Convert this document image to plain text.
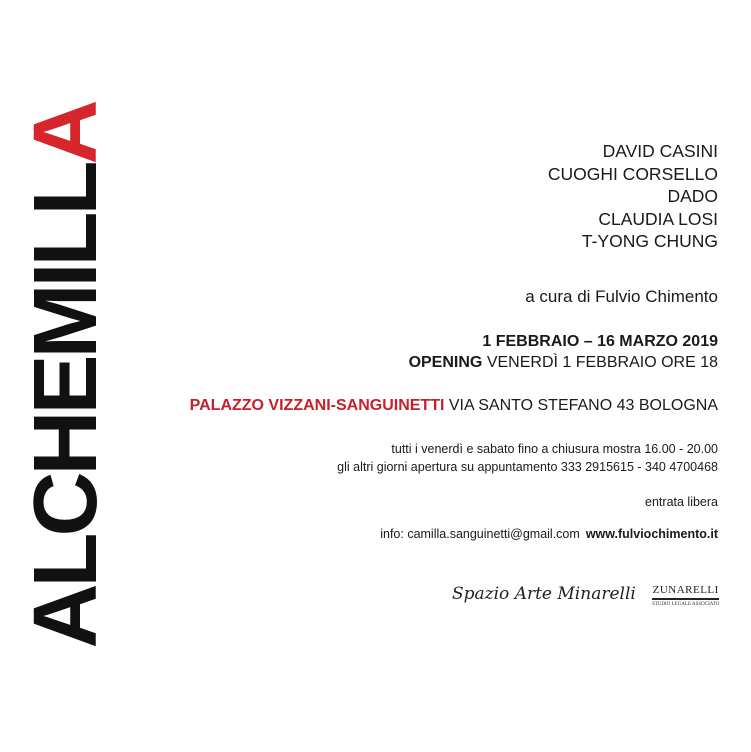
ALCHEMILLA	DAVID CASINI
CUOGHI CORSELLO
DADO
CLAUDIA LOSI
T-YONG CHUNG
a cura di Fulvio Chimento
1 FEBBRAIO – 16 MARZO 2019
OPENING VENERDÌ 1 FEBBRAIO ORE 18
PALAZZO VIZZANI-SANGUINETTI VIA SANTO STEFANO 43 BOLOGNA
tutti i venerdì e sabato fino a chiusura mostra 16.00 - 20.00
gli altri giorni apertura su appuntamento 333 2915615 - 340 4700468
entrata libera
info: camilla.sanguinetti@gmail.com www.fulviochimento.it
Spazio Arte Minarelli ZUNARELLI
STUDIO LEGALE ASSOCIATO
